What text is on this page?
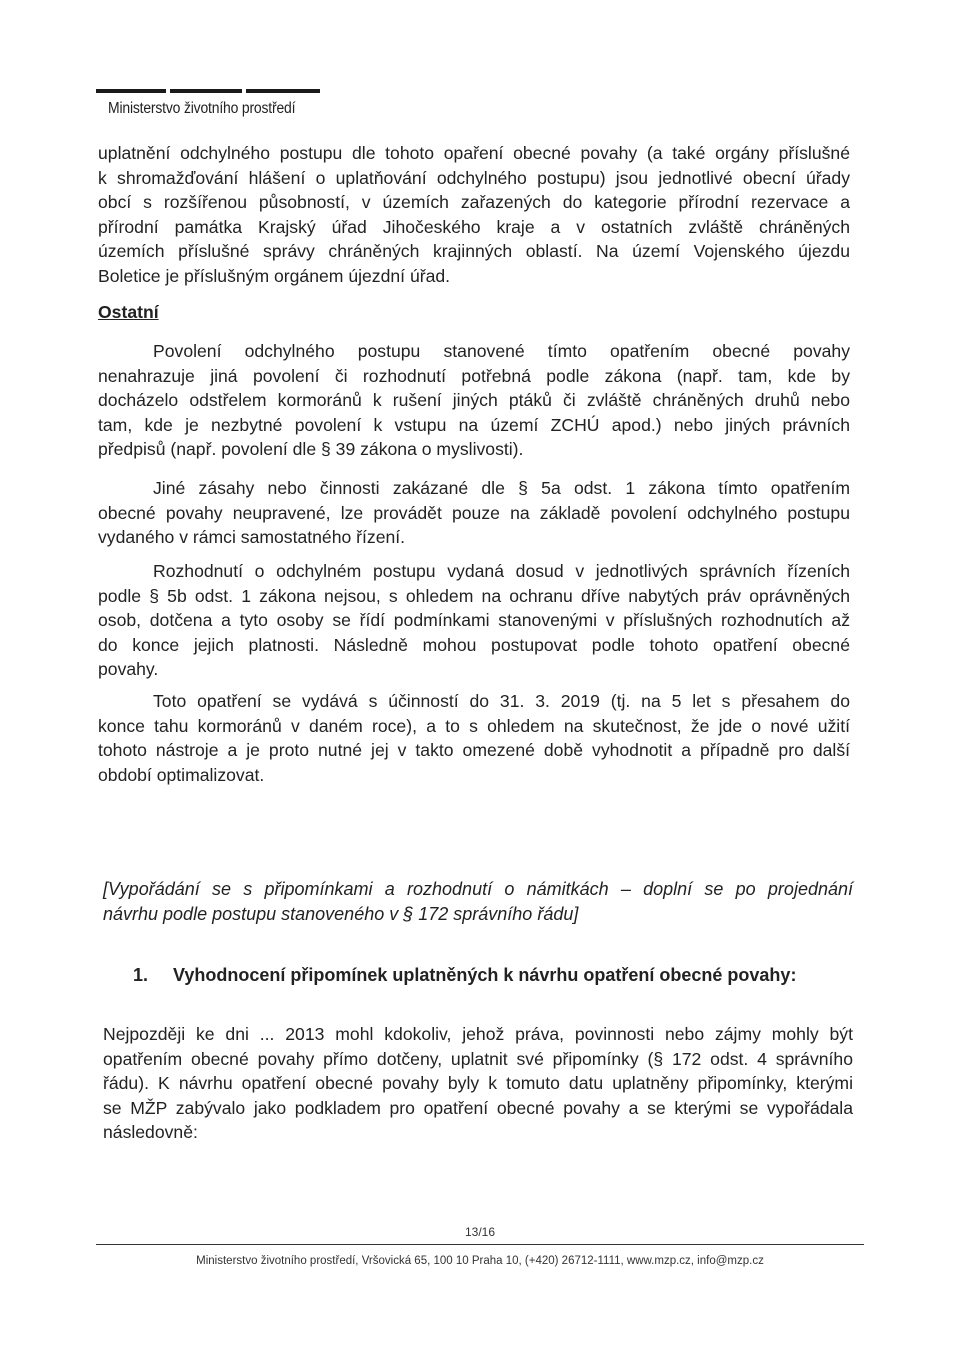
Ministerstvo životního prostředí
uplatnění odchylného postupu dle tohoto opaření obecné povahy (a také orgány příslušné
k shromažďování hlášení o uplatňování odchylného postupu) jsou jednotlivé obecní úřady
obcí s rozšířenou působností, v územích zařazených do kategorie přírodní rezervace a
přírodní památka Krajský úřad Jihočeského kraje a v ostatních zvláště chráněných
územích příslušné správy chráněných krajinných oblastí. Na území Vojenského újezdu
Boletice je příslušným orgánem újezdní úřad.
Ostatní
Povolení odchylného postupu stanovené tímto opatřením obecné povahy
nenahrazuje jiná povolení či rozhodnutí potřebná podle zákona (např. tam, kde by
docházelo odstřelem kormoránů k rušení jiných ptáků či zvláště chráněných druhů nebo
tam, kde je nezbytné povolení k vstupu na území ZCHÚ apod.) nebo jiných právních
předpisů (např. povolení dle § 39 zákona o myslivosti).
Jiné zásahy nebo činnosti zakázané dle § 5a odst. 1 zákona tímto opatřením
obecné povahy neupravené, lze provádět pouze na základě povolení odchylného postupu
vydaného v rámci samostatného řízení.
Rozhodnutí o odchylném postupu vydaná dosud v jednotlivých správních řízeních
podle § 5b odst. 1 zákona nejsou, s ohledem na ochranu dříve nabytých práv oprávněných
osob, dotčena a tyto osoby se řídí podmínkami stanovenými v příslušných rozhodnutích až
do konce jejich platnosti. Následně mohou postupovat podle tohoto opatření obecné
povahy.
Toto opatření se vydává s účinností do 31. 3. 2019 (tj. na 5 let s přesahem do
konce tahu kormoránů v daném roce), a to s ohledem na skutečnost, že jde o nové užití
tohoto nástroje a je proto nutné jej v takto omezené době vyhodnotit a případně pro další
období optimalizovat.
[Vypořádání se s připomínkami a rozhodnutí o námitkách – doplní se po projednání
návrhu podle postupu stanoveného v § 172 správního řádu]
1. Vyhodnocení připomínek uplatněných k návrhu opatření obecné povahy:
Nejpozději ke dni ... 2013 mohl kdokoliv, jehož práva, povinnosti nebo zájmy mohly být
opatřením obecné povahy přímo dotčeny, uplatnit své připomínky (§ 172 odst. 4 správního
řádu). K návrhu opatření obecné povahy byly k tomuto datu uplatněny připomínky, kterými
se MŽP zabývalo jako podkladem pro opatření obecné povahy a se kterými se vypořádala
následovně:
13/16
Ministerstvo životního prostředí, Vršovická 65, 100 10 Praha 10, (+420) 26712-1111, www.mzp.cz, info@mzp.cz
